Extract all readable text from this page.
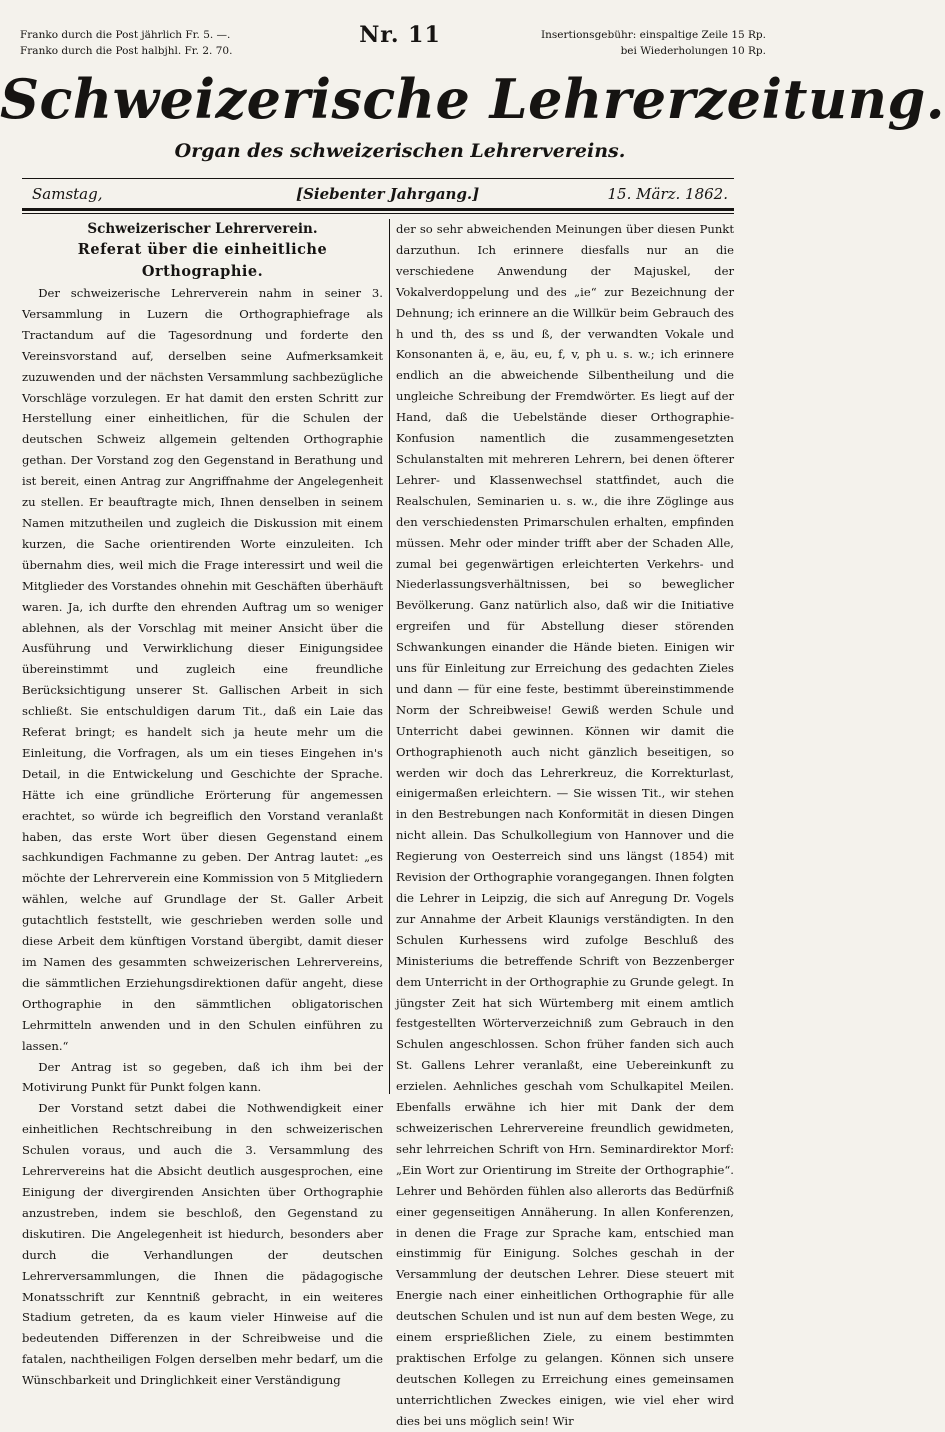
Franko durch die Post jährlich Fr. 5. —.
Franko durch die Post halbjhl. Fr. 2. 70.
Nr. 11	Insertionsgebühr: einspaltige Zeile 15 Rp.
bei Wiederholungen 10 Rp.
Schweizerische Lehrerzeitung.
Organ des schweizerischen Lehrervereins.
Samstag,	[Siebenter Jahrgang.]	15. März. 1862.
Schweizerischer Lehrerverein.
Referat über die einheitliche Orthographie.

Der schweizerische Lehrerverein nahm in seiner 3. Versammlung in Luzern die Orthographiefrage als Tractandum auf die Tagesordnung und forderte den Vereinsvorstand auf, derselben seine Aufmerksamkeit zuzuwenden und der nächsten Versammlung sachbezügliche Vorschläge vorzulegen. Er hat damit den ersten Schritt zur Herstellung einer einheitlichen, für die Schulen der deutschen Schweiz allgemein geltenden Orthographie gethan. Der Vorstand zog den Gegenstand in Berathung und ist bereit, einen Antrag zur Angriffnahme der Angelegenheit zu stellen. Er beauftragte mich, Ihnen denselben in seinem Namen mitzutheilen und zugleich die Diskussion mit einem kurzen, die Sache orientirenden Worte einzuleiten. Ich übernahm dies, weil mich die Frage interessirt und weil die Mitglieder des Vorstandes ohnehin mit Geschäften überhäuft waren. Ja, ich durfte den ehrenden Auftrag um so weniger ablehnen, als der Vorschlag mit meiner Ansicht über die Ausführung und Verwirklichung dieser Einigungsidee übereinstimmt und zugleich eine freundliche Berücksichtigung unserer St. Gallischen Arbeit in sich schließt. Sie entschuldigen darum Tit., daß ein Laie das Referat bringt; es handelt sich ja heute mehr um die Einleitung, die Vorfragen, als um ein tieses Eingehen in's Detail, in die Entwickelung und Geschichte der Sprache. Hätte ich eine gründliche Erörterung für angemessen erachtet, so würde ich begreiflich den Vorstand veranlaßt haben, das erste Wort über diesen Gegenstand einem sachkundigen Fachmanne zu geben. Der Antrag lautet: „es möchte der Lehrerverein eine Kommission von 5 Mitgliedern wählen, welche auf Grundlage der St. Galler Arbeit gutachtlich feststellt, wie geschrieben werden solle und diese Arbeit dem künftigen Vorstand übergibt, damit dieser im Namen des gesammten schweizerischen Lehrervereins, die sämmtlichen Erziehungsdirektionen dafür angeht, diese Orthographie in den sämmtlichen obligatorischen Lehrmitteln anwenden und in den Schulen einführen zu lassen.“

Der Antrag ist so gegeben, daß ich ihm bei der Motivirung Punkt für Punkt folgen kann.

Der Vorstand setzt dabei die Nothwendigkeit einer einheitlichen Rechtschreibung in den schweizerischen Schulen voraus, und auch die 3. Versammlung des Lehrervereins hat die Absicht deutlich ausgesprochen, eine Einigung der divergirenden Ansichten über Orthographie anzustreben, indem sie beschloß, den Gegenstand zu diskutiren. Die Angelegenheit ist hiedurch, besonders aber durch die Verhandlungen der deutschen Lehrerversammlungen, die Ihnen die pädagogische Monatsschrift zur Kenntniß gebracht, in ein weiteres Stadium getreten, da es kaum vieler Hinweise auf die bedeutenden Differenzen in der Schreibweise und die fatalen, nachtheiligen Folgen derselben mehr bedarf, um die Wünschbarkeit und Dringlichkeit einer Verständigung

der so sehr abweichenden Meinungen über diesen Punkt darzuthun. Ich erinnere diesfalls nur an die verschiedene Anwendung der Majuskel, der Vokalverdoppelung und des „ie“ zur Bezeichnung der Dehnung; ich erinnere an die Willkür beim Gebrauch des h und th, des ss und ß, der verwandten Vokale und Konsonanten ä, e, äu, eu, f, v, ph u. s. w.; ich erinnere endlich an die abweichende Silbentheilung und die ungleiche Schreibung der Fremdwörter. Es liegt auf der Hand, daß die Uebelstände dieser Orthographie-Konfusion namentlich die zusammengesetzten Schulanstalten mit mehreren Lehrern, bei denen öfterer Lehrer- und Klassenwechsel stattfindet, auch die Realschulen, Seminarien u. s. w., die ihre Zöglinge aus den verschiedensten Primarschulen erhalten, empfinden müssen. Mehr oder minder trifft aber der Schaden Alle, zumal bei gegenwärtigen erleichterten Verkehrs- und Niederlassungsverhältnissen, bei so beweglicher Bevölkerung. Ganz natürlich also, daß wir die Initiative ergreifen und für Abstellung dieser störenden Schwankungen einander die Hände bieten. Einigen wir uns für Einleitung zur Erreichung des gedachten Zieles und dann — für eine feste, bestimmt übereinstimmende Norm der Schreibweise! Gewiß werden Schule und Unterricht dabei gewinnen. Können wir damit die Orthographienoth auch nicht gänzlich beseitigen, so werden wir doch das Lehrerkreuz, die Korrekturlast, einigermaßen erleichtern. — Sie wissen Tit., wir stehen in den Bestrebungen nach Konformität in diesen Dingen nicht allein. Das Schulkollegium von Hannover und die Regierung von Oesterreich sind uns längst (1854) mit Revision der Orthographie vorangegangen. Ihnen folgten die Lehrer in Leipzig, die sich auf Anregung Dr. Vogels zur Annahme der Arbeit Klaunigs verständigten. In den Schulen Kurhessens wird zufolge Beschluß des Ministeriums die betreffende Schrift von Bezzenberger dem Unterricht in der Orthographie zu Grunde gelegt. In jüngster Zeit hat sich Würtemberg mit einem amtlich festgestellten Wörterverzeichniß zum Gebrauch in den Schulen angeschlossen. Schon früher fanden sich auch St. Gallens Lehrer veranlaßt, eine Uebereinkunft zu erzielen. Aehnliches geschah vom Schulkapitel Meilen. Ebenfalls erwähne ich hier mit Dank der dem schweizerischen Lehrervereine freundlich gewidmeten, sehr lehrreichen Schrift von Hrn. Seminardirektor Morf: „Ein Wort zur Orientirung im Streite der Orthographie“. Lehrer und Behörden fühlen also allerorts das Bedürfniß einer gegenseitigen Annäherung. In allen Konferenzen, in denen die Frage zur Sprache kam, entschied man einstimmig für Einigung. Solches geschah in der Versammlung der deutschen Lehrer. Diese steuert mit Energie nach einer einheitlichen Orthographie für alle deutschen Schulen und ist nun auf dem besten Wege, zu einem ersprießlichen Ziele, zu einem bestimmten praktischen Erfolge zu gelangen. Können sich unsere deutschen Kollegen zu Erreichung eines gemeinsamen unterrichtlichen Zweckes einigen, wie viel eher wird dies bei uns möglich sein! Wir
